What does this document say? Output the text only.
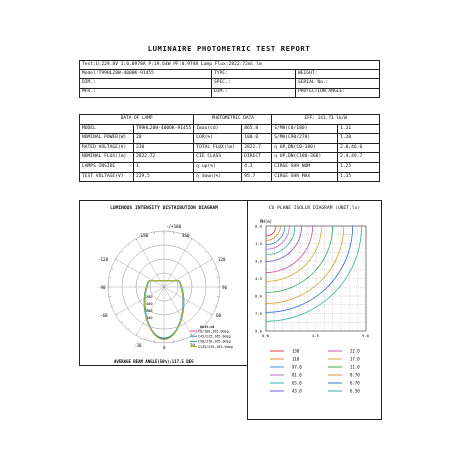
LUMINAIRE PHOTOMETRIC TEST REPORT
Test:U:229.8V I:0.0978A P:19.64W PF:0.9748 Lamp Flux:2822.72ml lm		
Model:T99HL20W-4000K-91455	TYPE:	WEIGHT:
DIM.:	SPEC.:	SERIAL No.:
MFR.:	DIM.:	PROTECTION ANGLE:
DATA OF LAMP		PHOTOMETRIC DATA		EFF: 143.71 lm/W	
MODEL	T99HL20W-4000K-91455	Imax(cd)	865.8	S/MH(C0/180)	1.31
NOMINAL POWER(W)	20	LOR(%)	100.0	S/MH(C90/270)	1.20
RATED VOLTAGE(V)	230	TOTAL FLUX(lm)	2822.7	η UP,DN(C0-180)	2.0,46.0
NOMINAL FLUX(lm)	2822.72	CIE CLASS	DIRECT	η UP,DN(C180-360)	2.4,49.7
LAMPS INSIDE	1	η up(%)	4.3	CIRGE SHR NOM	1.25
TEST VOLTAGE(V)	229.5	η down(%)	95.7	CIRGE SHR MAX	1.35
LUMINOUS INTENSITY DISTRIBUTION DIAGRAM
-/+180
-150	150
-120	120
-90	90
-60	60
-30	0	30
200
400
600
800
Unit:cd
C0/180,165.0deg
C45/225,165.0deg
C90/270,165.0deg
C135/315,165.0deg
AVERAGE BEAM ANGLE(50%):117.5 DEG
CU PLANE ISOLUX DIAGRAM (UNIT:lx)
MH(m)
0.0
1.5
3.0
4.5
6.0
7.5
9.0
0.0	4.5	9.0
130
110
97.0
81.0
65.0
43.0
22.0
17.0
11.0
8.70
6.70
6.50
